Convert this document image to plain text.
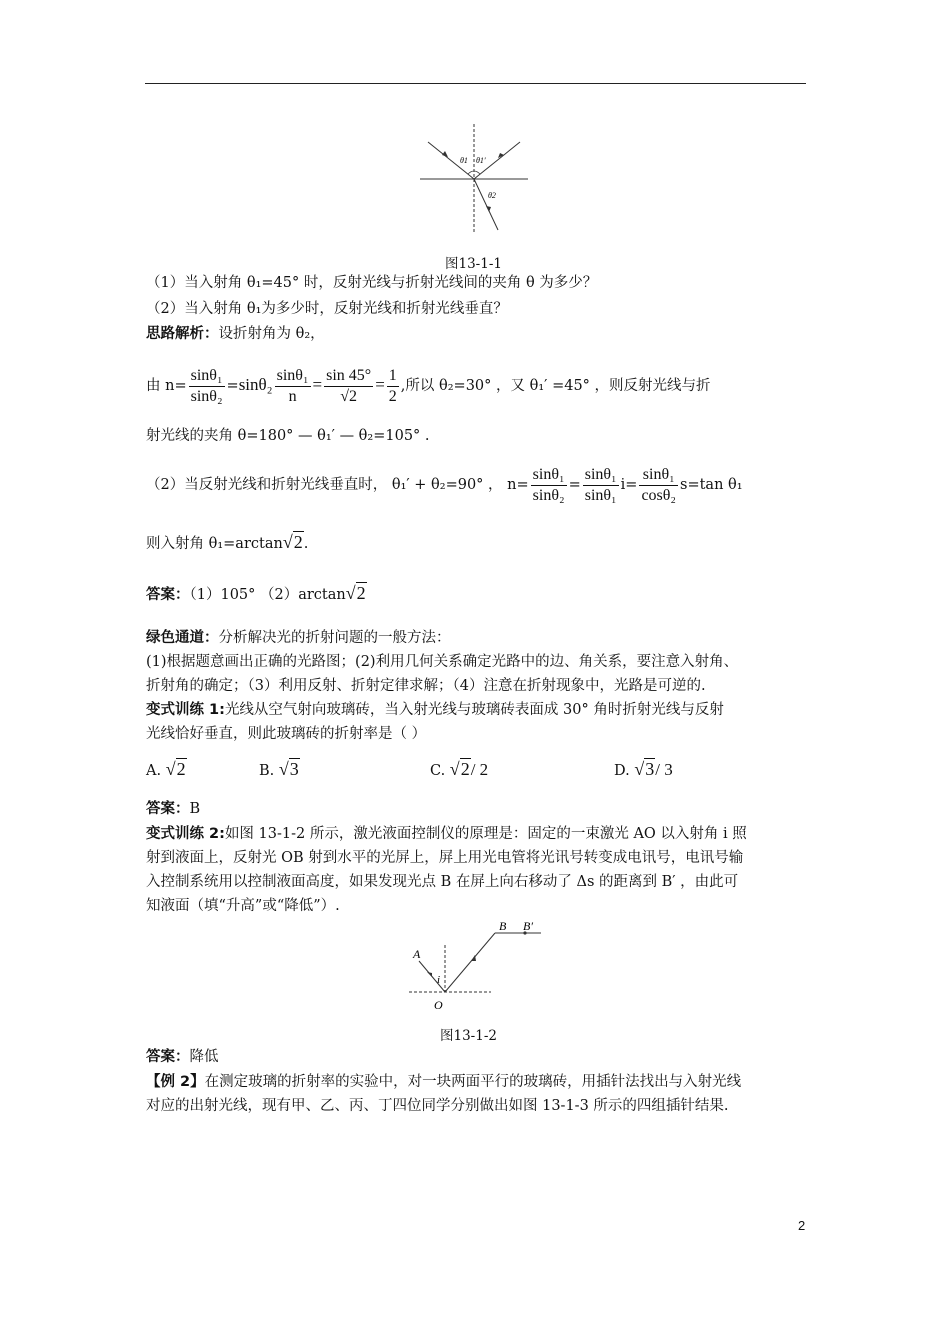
θ1 θ1′
θ2
图13-1-1
（1）当入射角 θ₁=45° 时，反射光线与折射光线间的夹角 θ 为多少？
（2）当入射角 θ₁为多少时，反射光线和折射光线垂直？
思路解析：设折射角为 θ₂，
由 $n= \frac{\text{sinθ₁}}{\text{sinθ₂}} =\sin\theta_2 \frac{\text{sinθ₁}}{n} = \frac{\sin 45^\circ}{√2} = \frac{1}{2}$ ,所以 θ₂=30° ，又 θ₁′ =45° ，则反射光线与折
射光线的夹角 θ=180° — θ₁′ — θ₂=105° .
（2）当反射光线和折射光线垂直时， θ₁′ + θ₂=90° ， $n= \frac{\text{sinθ₁}}{\text{sinθ₂}} = \frac{\text{sinθ₁}}{\text{sinθ₁}} i= \frac{\text{sinθ₁}}{\text{cosθ₂}} s=\tan$ θ₁
则入射角 θ₁=arctan√2.
答案：（1）105° （2）arctan√2
绿色通道：分析解决光的折射问题的一般方法：
(1)根据题意画出正确的光路图；(2)利用几何关系确定光路中的边、角关系，要注意入射角、
折射角的确定；（3）利用反射、折射定律求解；（4）注意在折射现象中，光路是可逆的.
变式训练 1:光线从空气射向玻璃砖，当入射光线与玻璃砖表面成 30° 角时折射光线与反射
光线恰好垂直，则此玻璃砖的折射率是（ ）
A. √2	B. √3	C. √2/ 2	D. √3/ 3
答案：B
变式训练 2:如图 13-1-2 所示，激光液面控制仪的原理是：固定的一束激光 AO 以入射角 i 照
射到液面上，反射光 OB 射到水平的光屏上，屏上用光电管将光讯号转变成电讯号，电讯号输
入控制系统用以控制液面高度，如果发现光点 B 在屏上向右移动了 Δs 的距离到 B′ ，由此可
知液面（填“升高”或“降低”）.
A
B B′
O
i
图13-1-2
答案：降低
【例 2】在测定玻璃的折射率的实验中，对一块两面平行的玻璃砖，用插针法找出与入射光线
对应的出射光线，现有甲、乙、丙、丁四位同学分别做出如图 13-1-3 所示的四组插针结果.
2
